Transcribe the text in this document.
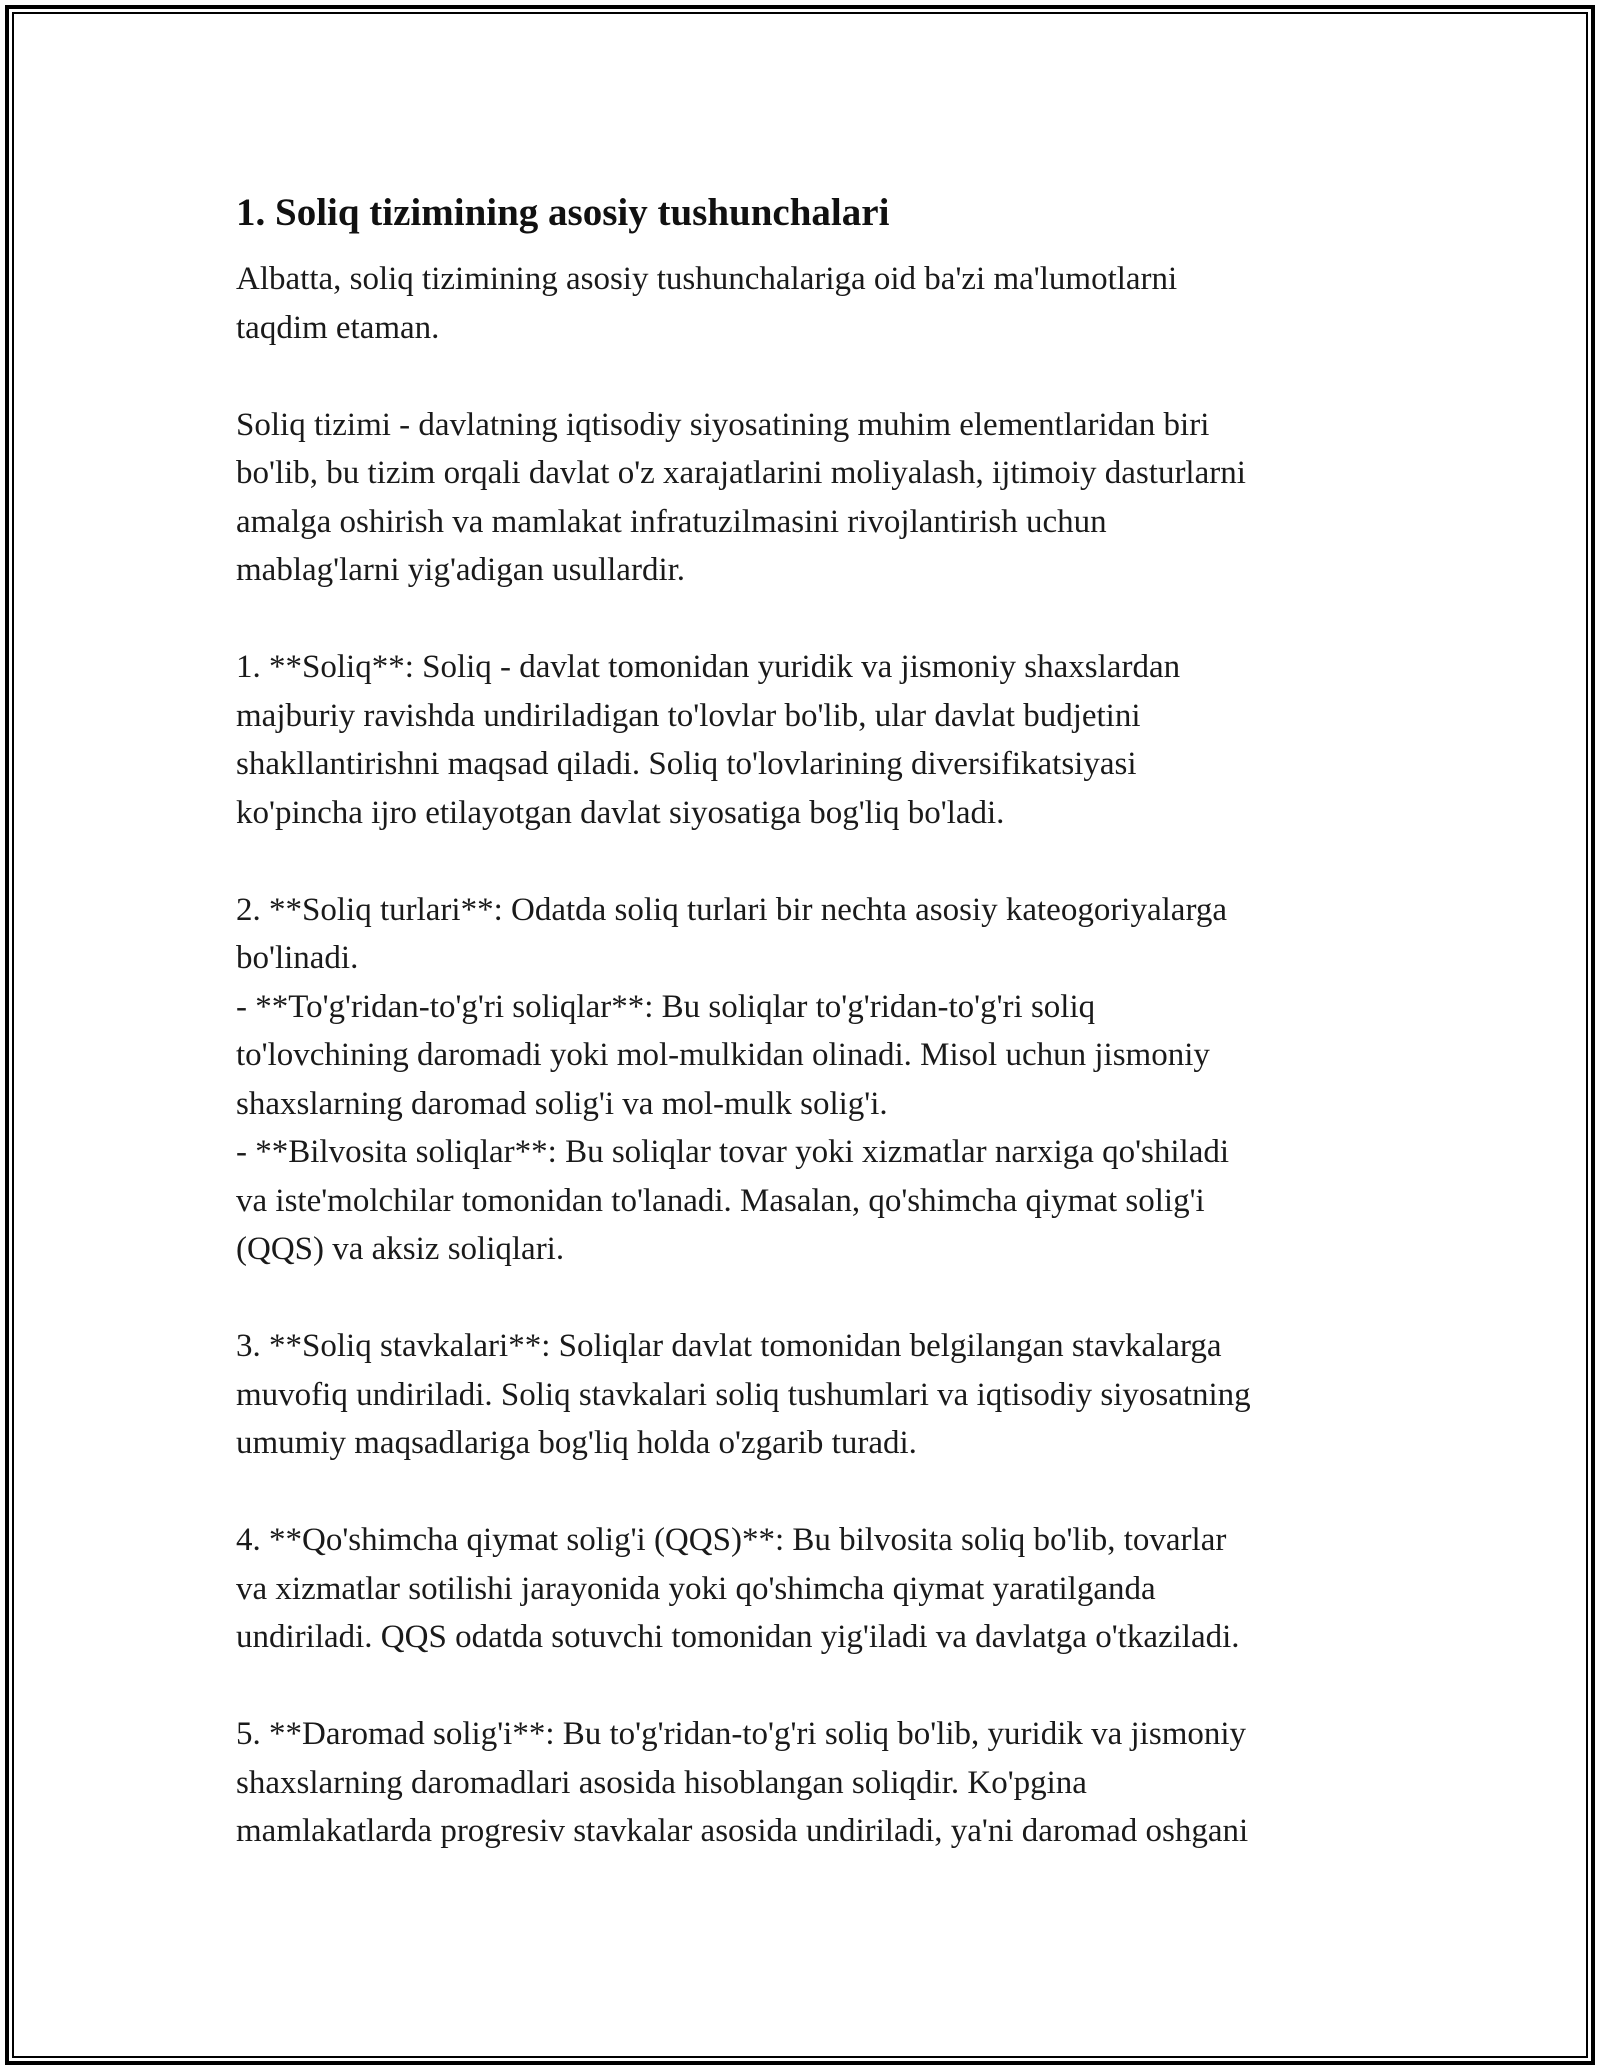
1. Soliq tizimining asosiy tushunchalari

Albatta, soliq tizimining asosiy tushunchalariga oid ba'zi ma'lumotlarni
taqdim etaman.

Soliq tizimi - davlatning iqtisodiy siyosatining muhim elementlaridan biri
bo'lib, bu tizim orqali davlat o'z xarajatlarini moliyalash, ijtimoiy dasturlarni
amalga oshirish va mamlakat infratuzilmasini rivojlantirish uchun
mablag'larni yig'adigan usullardir.

1. **Soliq**: Soliq - davlat tomonidan yuridik va jismoniy shaxslardan
majburiy ravishda undiriladigan to'lovlar bo'lib, ular davlat budjetini
shakllantirishni maqsad qiladi. Soliq to'lovlarining diversifikatsiyasi
ko'pincha ijro etilayotgan davlat siyosatiga bog'liq bo'ladi.

2. **Soliq turlari**: Odatda soliq turlari bir nechta asosiy kateogoriyalarga
bo'linadi.
- **To'g'ridan-to'g'ri soliqlar**: Bu soliqlar to'g'ridan-to'g'ri soliq
to'lovchining daromadi yoki mol-mulkidan olinadi. Misol uchun jismoniy
shaxslarning daromad solig'i va mol-mulk solig'i.
- **Bilvosita soliqlar**: Bu soliqlar tovar yoki xizmatlar narxiga qo'shiladi
va iste'molchilar tomonidan to'lanadi. Masalan, qo'shimcha qiymat solig'i
(QQS) va aksiz soliqlari.

3. **Soliq stavkalari**: Soliqlar davlat tomonidan belgilangan stavkalarga
muvofiq undiriladi. Soliq stavkalari soliq tushumlari va iqtisodiy siyosatning
umumiy maqsadlariga bog'liq holda o'zgarib turadi.

4. **Qo'shimcha qiymat solig'i (QQS)**: Bu bilvosita soliq bo'lib, tovarlar
va xizmatlar sotilishi jarayonida yoki qo'shimcha qiymat yaratilganda
undiriladi. QQS odatda sotuvchi tomonidan yig'iladi va davlatga o'tkaziladi.

5. **Daromad solig'i**: Bu to'g'ridan-to'g'ri soliq bo'lib, yuridik va jismoniy
shaxslarning daromadlari asosida hisoblangan soliqdir. Ko'pgina
mamlakatlarda progresiv stavkalar asosida undiriladi, ya'ni daromad oshgani
